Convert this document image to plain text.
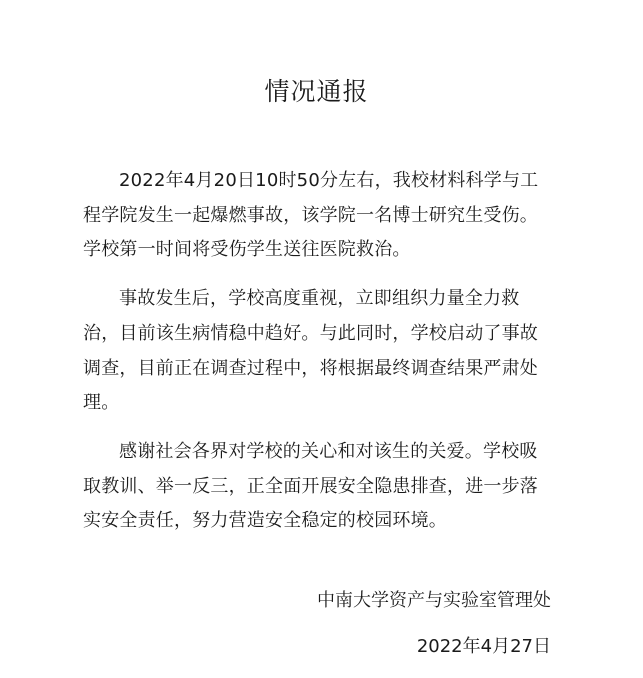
情况通报

2022年4月20日10时50分左右，我校材料科学与工程学院发生一起爆燃事故，该学院一名博士研究生受伤。学校第一时间将受伤学生送往医院救治。

事故发生后，学校高度重视，立即组织力量全力救治，目前该生病情稳中趋好。与此同时，学校启动了事故调查，目前正在调查过程中，将根据最终调查结果严肃处理。

感谢社会各界对学校的关心和对该生的关爱。学校吸取教训、举一反三，正全面开展安全隐患排查，进一步落实安全责任，努力营造安全稳定的校园环境。

中南大学资产与实验室管理处
2022年4月27日
